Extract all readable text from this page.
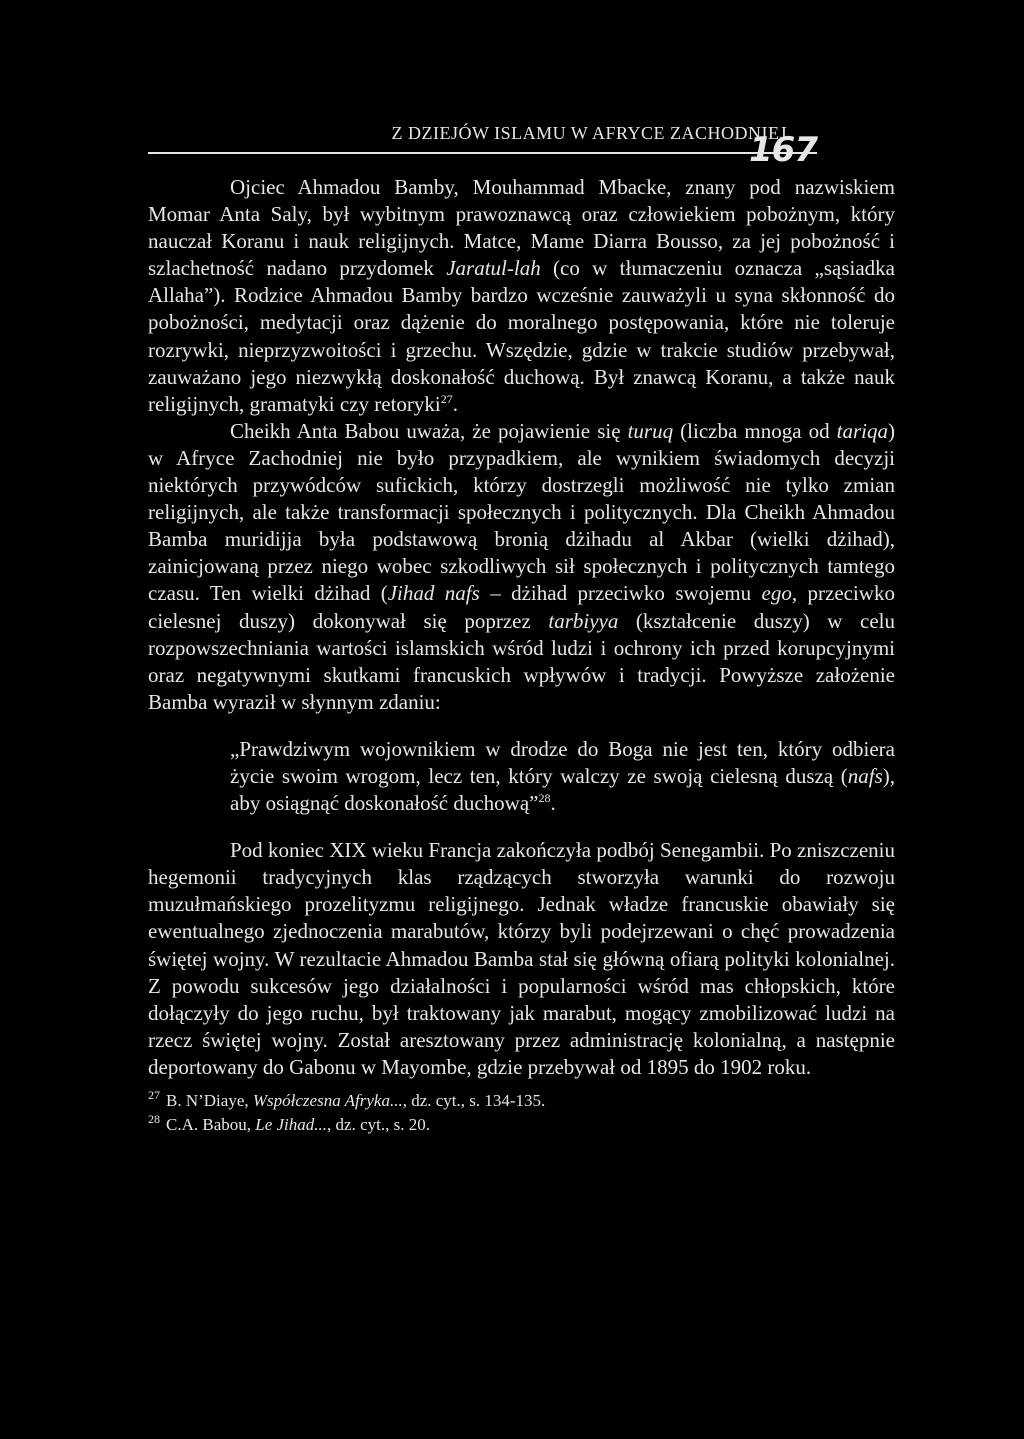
Z DZIEJÓW ISLAMU W AFRYCE ZACHODNIEJ
167

Ojciec Ahmadou Bamby, Mouhammad Mbacke, znany pod nazwiskiem Momar Anta Saly, był wybitnym prawoznawcą oraz człowiekiem pobożnym, który nauczał Koranu i nauk religijnych. Matce, Mame Diarra Bousso, za jej pobożność i szlachetność nadano przydomek Jaratul-lah (co w tłumaczeniu oznacza „sąsiadka Allaha”). Rodzice Ahmadou Bamby bardzo wcześnie zauważyli u syna skłonność do pobożności, medytacji oraz dążenie do moralnego postępowania, które nie toleruje rozrywki, nieprzyzwoitości i grzechu. Wszędzie, gdzie w trakcie studiów przebywał, zauważano jego niezwykłą doskonałość duchową. Był znawcą Koranu, a także nauk religijnych, gramatyki czy retoryki$^{27}$.

Cheikh Anta Babou uważa, że pojawienie się turuq (liczba mnoga od tariqa) w Afryce Zachodniej nie było przypadkiem, ale wynikiem świadomych decyzji niektórych przywódców sufickich, którzy dostrzegli możliwość nie tylko zmian religijnych, ale także transformacji społecznych i politycznych. Dla Cheikh Ahmadou Bamba muridijja była podstawową bronią dżihadu al Akbar (wielki dżihad), zainicjowaną przez niego wobec szkodliwych sił społecznych i politycznych tamtego czasu. Ten wielki dżihad (Jihad nafs – dżihad przeciwko swojemu ego, przeciwko cielesnej duszy) dokonywał się poprzez tarbiyya (kształcenie duszy) w celu rozpowszechniania wartości islamskich wśród ludzi i ochrony ich przed korupcyjnymi oraz negatywnymi skutkami francuskich wpływów i tradycji. Powyższe założenie Bamba wyraził w słynnym zdaniu:

„Prawdziwym wojownikiem w drodze do Boga nie jest ten, który odbiera życie swoim wrogom, lecz ten, który walczy ze swoją cielesną duszą (nafs), aby osiągnąć doskonałość duchową”$^{28}$.

Pod koniec XIX wieku Francja zakończyła podbój Senegambii. Po zniszczeniu hegemonii tradycyjnych klas rządzących stworzyła warunki do rozwoju muzułmańskiego prozelityzmu religijnego. Jednak władze francuskie obawiały się ewentualnego zjednoczenia marabutów, którzy byli podejrzewani o chęć prowadzenia świętej wojny. W rezultacie Ahmadou Bamba stał się główną ofiarą polityki kolonialnej. Z powodu sukcesów jego działalności i popularności wśród mas chłopskich, które dołączyły do jego ruchu, był traktowany jak marabut, mogący zmobilizować ludzi na rzecz świętej wojny. Został aresztowany przez administrację kolonialną, a następnie deportowany do Gabonu w Mayombe, gdzie przebywał od 1895 do 1902 roku.

$^{27}$ B. N’Diaye, Współczesna Afryka..., dz. cyt., s. 134-135.
$^{28}$ C.A. Babou, Le Jihad..., dz. cyt., s. 20.
